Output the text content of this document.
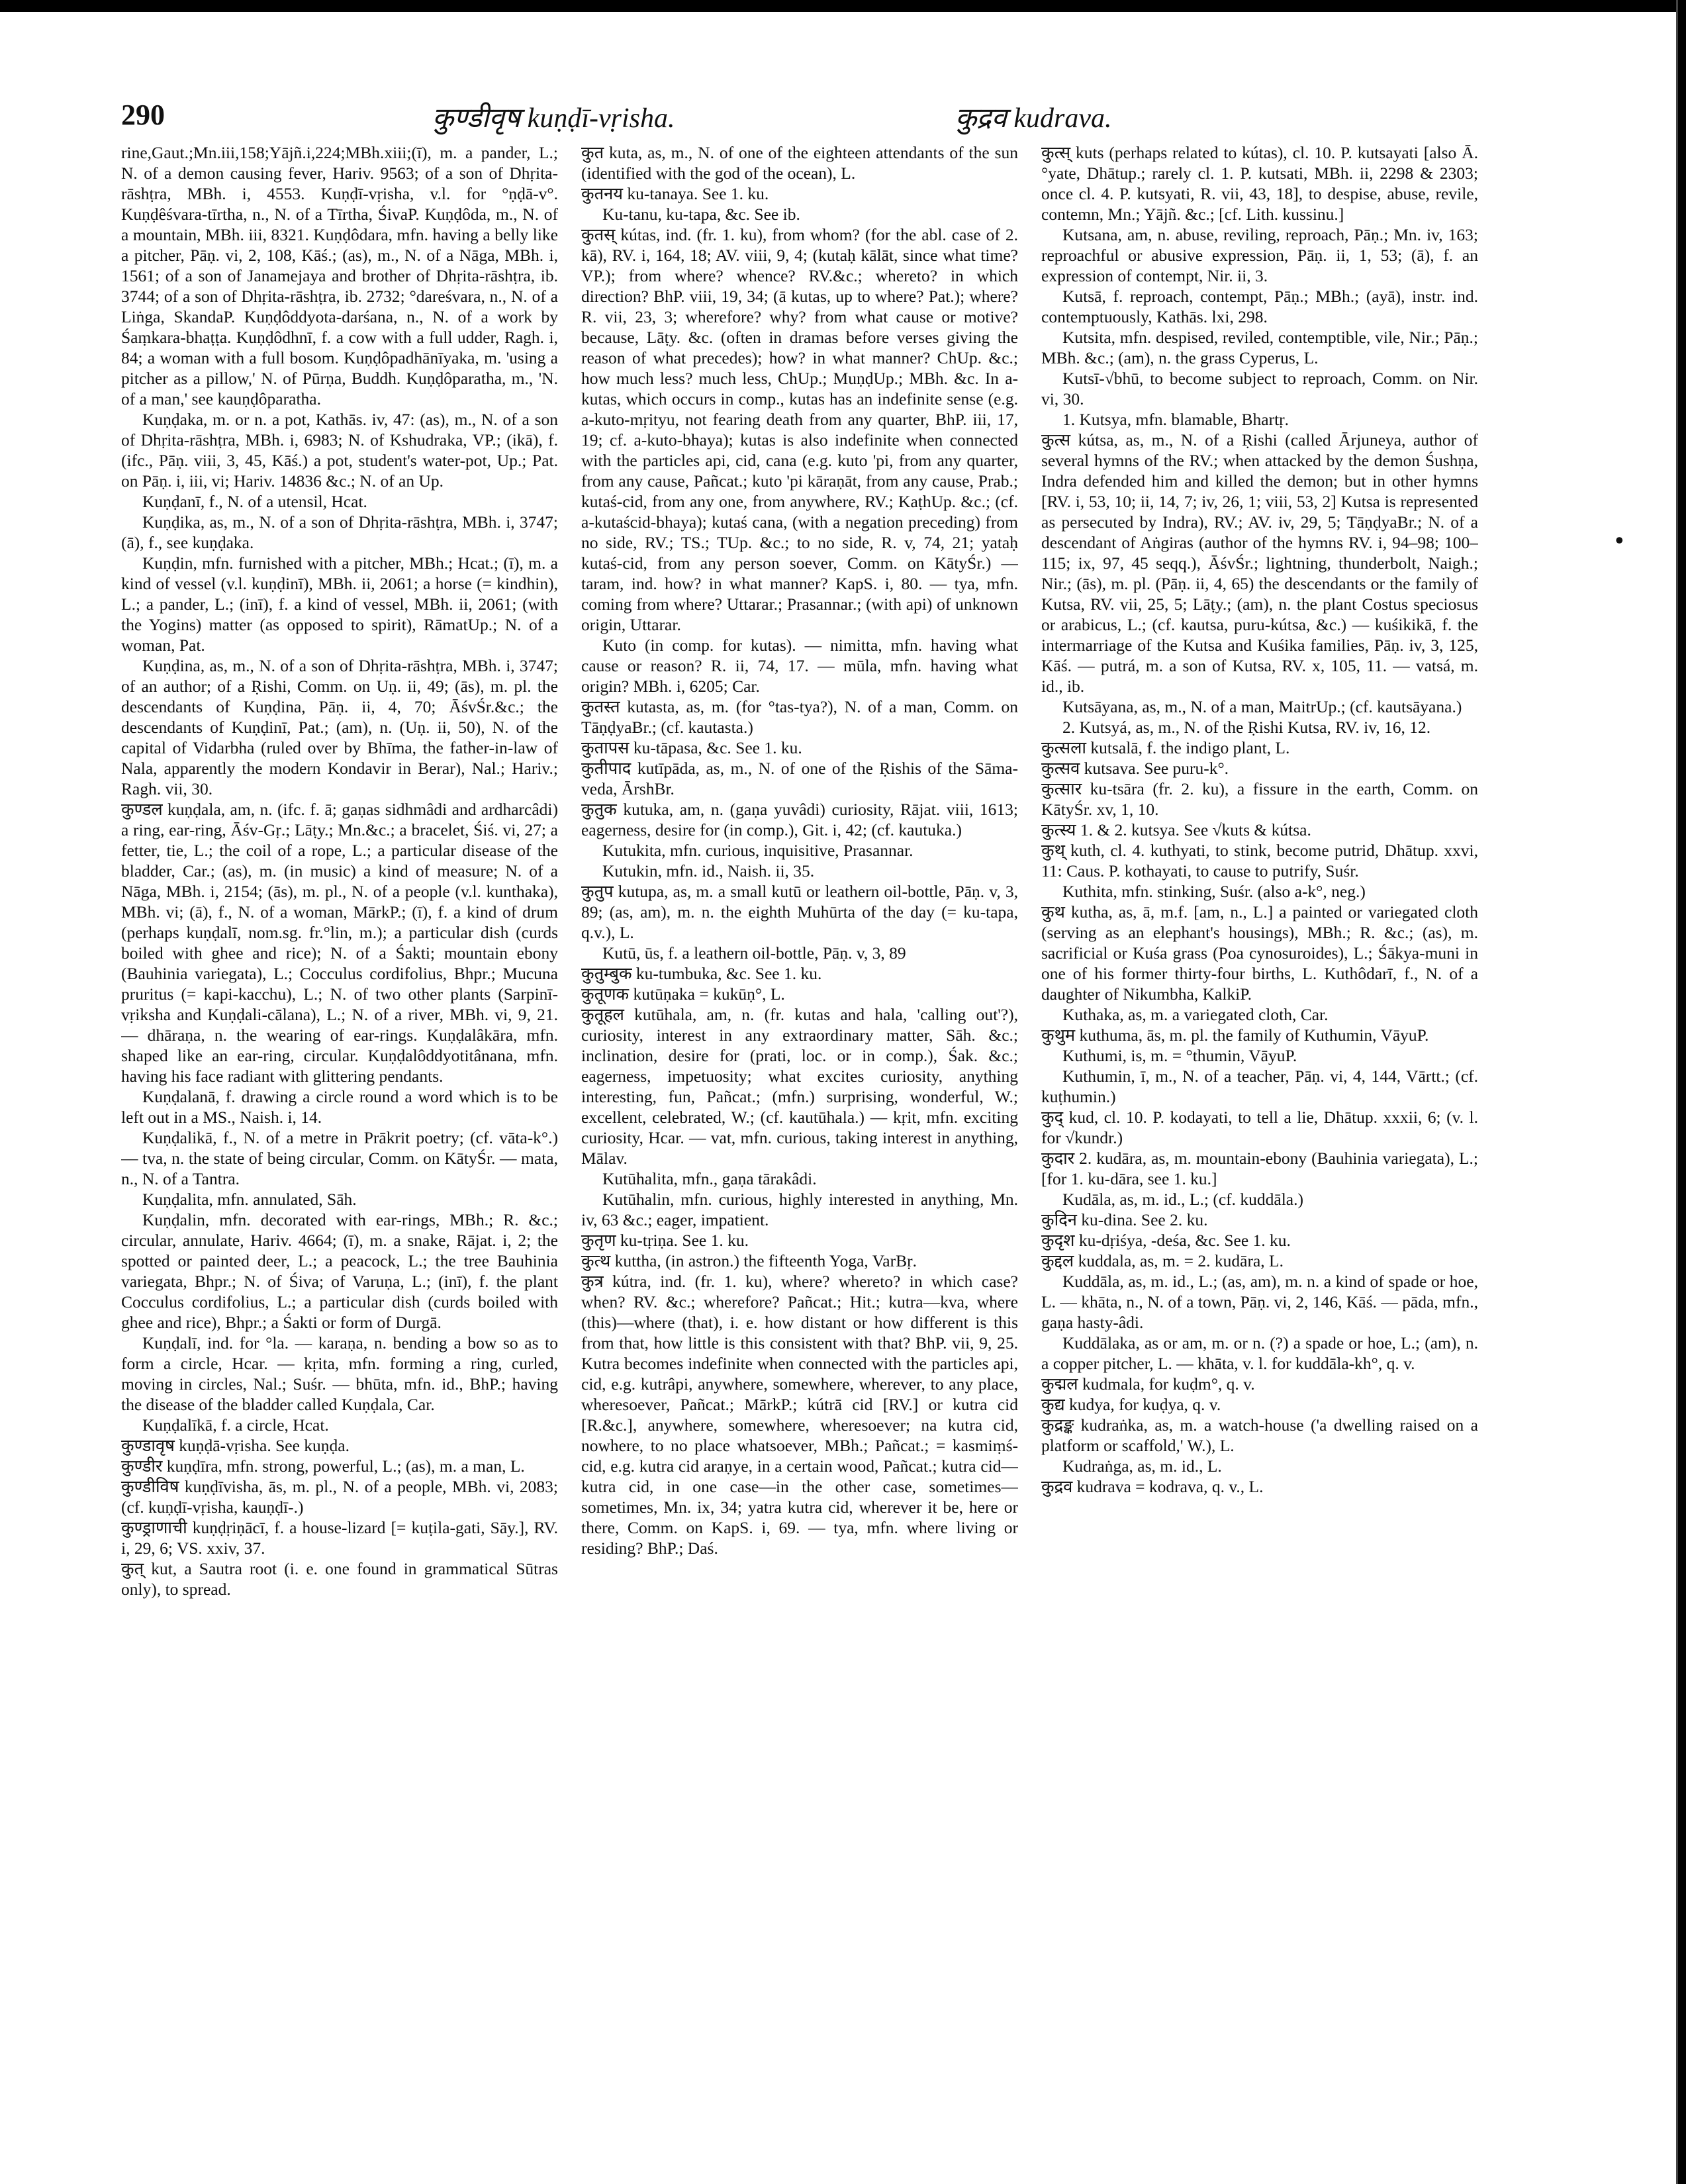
290	कुण्डीवृष kuṇḍī-vṛisha.	कुद्रव kudrava.

rine,Gaut.;Mn.iii,158;Yājñ.i,224;MBh.xiii;(ī), m. a pander, L.; N. of a demon causing fever, Hariv. 9563; of a son of Dhṛita-rāshṭra, MBh. i, 4553. Kuṇḍī-vṛisha, v.l. for °ṇḍā-v°. Kuṇḍêśvara-tīrtha, n., N. of a Tīrtha, ŚivaP. Kuṇḍôda, m., N. of a mountain, MBh. iii, 8321. Kuṇḍôdara, mfn. having a belly like a pitcher, Pāṇ. vi, 2, 108, Kāś.; (as), m., N. of a Nāga, MBh. i, 1561; of a son of Janamejaya and brother of Dhṛita-rāshṭra, ib. 3744; of a son of Dhṛita-rāshṭra, ib. 2732; °dareśvara, n., N. of a Liṅga, SkandaP. Kuṇḍôddyota-darśana, n., N. of a work by Śaṃkara-bhaṭṭa. Kuṇḍôdhnī, f. a cow with a full udder, Ragh. i, 84; a woman with a full bosom. Kuṇḍôpadhānīyaka, m. 'using a pitcher as a pillow,' N. of Pūrṇa, Buddh. Kuṇḍôparatha, m., 'N. of a man,' see kauṇḍôparatha.

Kuṇḍaka, m. or n. a pot, Kathās. iv, 47: (as), m., N. of a son of Dhṛita-rāshṭra, MBh. i, 6983; N. of Kshudraka, VP.; (ikā), f. (ifc., Pāṇ. viii, 3, 45, Kāś.) a pot, student's water-pot, Up.; Pat. on Pāṇ. i, iii, vi; Hariv. 14836 &c.; N. of an Up.

Kuṇḍanī, f., N. of a utensil, Hcat.

Kuṇḍika, as, m., N. of a son of Dhṛita-rāshṭra, MBh. i, 3747; (ā), f., see kuṇḍaka.

Kuṇḍin, mfn. furnished with a pitcher, MBh.; Hcat.; (ī), m. a kind of vessel (v.l. kuṇḍinī), MBh. ii, 2061; a horse (= kindhin), L.; a pander, L.; (inī), f. a kind of vessel, MBh. ii, 2061; (with the Yogins) matter (as opposed to spirit), RāmatUp.; N. of a woman, Pat.

Kuṇḍina, as, m., N. of a son of Dhṛita-rāshṭra, MBh. i, 3747; of an author; of a Ṛishi, Comm. on Uṇ. ii, 49; (ās), m. pl. the descendants of Kuṇḍina, Pāṇ. ii, 4, 70; ĀśvŚr.&c.; the descendants of Kuṇḍinī, Pat.; (am), n. (Uṇ. ii, 50), N. of the capital of Vidarbha (ruled over by Bhīma, the father-in-law of Nala, apparently the modern Kondavir in Berar), Nal.; Hariv.; Ragh. vii, 30.

कुण्डल kuṇḍala, am, n. (ifc. f. ā; gaṇas sidhmâdi and ardharcâdi) a ring, ear-ring, Āśv-Gṛ.; Lāṭy.; Mn.&c.; a bracelet, Śiś. vi, 27; a fetter, tie, L.; the coil of a rope, L.; a particular disease of the bladder, Car.; (as), m. (in music) a kind of measure; N. of a Nāga, MBh. i, 2154; (ās), m. pl., N. of a people (v.l. kunthaka), MBh. vi; (ā), f., N. of a woman, MārkP.; (ī), f. a kind of drum (perhaps kuṇḍalī, nom.sg. fr.°lin, m.); a particular dish (curds boiled with ghee and rice); N. of a Śakti; mountain ebony (Bauhinia variegata), L.; Cocculus cordifolius, Bhpr.; Mucuna pruritus (= kapi-kacchu), L.; N. of two other plants (Sarpinī-vṛiksha and Kuṇḍali-cālana), L.; N. of a river, MBh. vi, 9, 21. — dhāraṇa, n. the wearing of ear-rings. Kuṇḍalâkāra, mfn. shaped like an ear-ring, circular. Kuṇḍalôddyotitânana, mfn. having his face radiant with glittering pendants.

Kuṇḍalanā, f. drawing a circle round a word which is to be left out in a MS., Naish. i, 14.

Kuṇḍalikā, f., N. of a metre in Prākrit poetry; (cf. vāta-k°.) — tva, n. the state of being circular, Comm. on KātyŚr. — mata, n., N. of a Tantra.

Kuṇḍalita, mfn. annulated, Sāh.

Kuṇḍalin, mfn. decorated with ear-rings, MBh.; R. &c.; circular, annulate, Hariv. 4664; (ī), m. a snake, Rājat. i, 2; the spotted or painted deer, L.; a peacock, L.; the tree Bauhinia variegata, Bhpr.; N. of Śiva; of Varuṇa, L.; (inī), f. the plant Cocculus cordifolius, L.; a particular dish (curds boiled with ghee and rice), Bhpr.; a Śakti or form of Durgā.

Kuṇḍalī, ind. for °la. — karaṇa, n. bending a bow so as to form a circle, Hcar. — kṛita, mfn. forming a ring, curled, moving in circles, Nal.; Suśr. — bhūta, mfn. id., BhP.; having the disease of the bladder called Kuṇḍala, Car.

Kuṇḍalīkā, f. a circle, Hcat.

कुण्डावृष kuṇḍā-vṛisha. See kuṇḍa.

कुण्डीर kuṇḍīra, mfn. strong, powerful, L.; (as), m. a man, L.

कुण्डीविष kuṇḍīvisha, ās, m. pl., N. of a people, MBh. vi, 2083; (cf. kuṇḍī-vṛisha, kauṇḍī-.)

कुण्ड्राणाची kuṇḍṛiṇācī, f. a house-lizard [= kuṭila-gati, Sāy.], RV. i, 29, 6; VS. xxiv, 37.

कुत् kut, a Sautra root (i. e. one found in grammatical Sūtras only), to spread.

कुत kuta, as, m., N. of one of the eighteen attendants of the sun (identified with the god of the ocean), L.

कुतनय ku-tanaya. See 1. ku.

Ku-tanu, ku-tapa, &c. See ib.

कुतस् kútas, ind. (fr. 1. ku), from whom? (for the abl. case of 2. kā), RV. i, 164, 18; AV. viii, 9, 4; (kutaḥ kālāt, since what time? VP.); from where? whence? RV.&c.; whereto? in which direction? BhP. viii, 19, 34; (ā kutas, up to where? Pat.); where? R. vii, 23, 3; wherefore? why? from what cause or motive? because, Lāṭy. &c. (often in dramas before verses giving the reason of what precedes); how? in what manner? ChUp. &c.; how much less? much less, ChUp.; MuṇḍUp.; MBh. &c. In a-kutas, which occurs in comp., kutas has an indefinite sense (e.g. a-kuto-mṛityu, not fearing death from any quarter, BhP. iii, 17, 19; cf. a-kuto-bhaya); kutas is also indefinite when connected with the particles api, cid, cana (e.g. kuto 'pi, from any quarter, from any cause, Pañcat.; kuto 'pi kāraṇāt, from any cause, Prab.; kutaś-cid, from any one, from anywhere, RV.; KaṭhUp. &c.; (cf. a-kutaścid-bhaya); kutaś cana, (with a negation preceding) from no side, RV.; TS.; TUp. &c.; to no side, R. v, 74, 21; yataḥ kutaś-cid, from any person soever, Comm. on KātyŚr.) — taram, ind. how? in what manner? KapS. i, 80. — tya, mfn. coming from where? Uttarar.; Prasannar.; (with api) of unknown origin, Uttarar.

Kuto (in comp. for kutas). — nimitta, mfn. having what cause or reason? R. ii, 74, 17. — mūla, mfn. having what origin? MBh. i, 6205; Car.

कुतस्त kutasta, as, m. (for °tas-tya?), N. of a man, Comm. on TāṇḍyaBr.; (cf. kautasta.)

कुतापस ku-tāpasa, &c. See 1. ku.

कुतीपाद kutīpāda, as, m., N. of one of the Ṛishis of the Sāma-veda, ĀrshBr.

कुतुक kutuka, am, n. (gaṇa yuvâdi) curiosity, Rājat. viii, 1613; eagerness, desire for (in comp.), Git. i, 42; (cf. kautuka.)

Kutukita, mfn. curious, inquisitive, Prasannar.

Kutukin, mfn. id., Naish. ii, 35.

कुतुप kutupa, as, m. a small kutū or leathern oil-bottle, Pāṇ. v, 3, 89; (as, am), m. n. the eighth Muhūrta of the day (= ku-tapa, q.v.), L.

Kutū, ūs, f. a leathern oil-bottle, Pāṇ. v, 3, 89

कुतुम्बुक ku-tumbuka, &c. See 1. ku.

कुतूणक kutūṇaka = kukūṇ°, L.

कुतूहल kutūhala, am, n. (fr. kutas and hala, 'calling out'?), curiosity, interest in any extraordinary matter, Sāh. &c.; inclination, desire for (prati, loc. or in comp.), Śak. &c.; eagerness, impetuosity; what excites curiosity, anything interesting, fun, Pañcat.; (mfn.) surprising, wonderful, W.; excellent, celebrated, W.; (cf. kautūhala.) — kṛit, mfn. exciting curiosity, Hcar. — vat, mfn. curious, taking interest in anything, Mālav.

Kutūhalita, mfn., gaṇa tārakâdi.

Kutūhalin, mfn. curious, highly interested in anything, Mn. iv, 63 &c.; eager, impatient.

कुतृण ku-tṛiṇa. See 1. ku.

कुत्थ kuttha, (in astron.) the fifteenth Yoga, VarBṛ.

कुत्र kútra, ind. (fr. 1. ku), where? whereto? in which case? when? RV. &c.; wherefore? Pañcat.; Hit.; kutra—kva, where (this)—where (that), i. e. how distant or how different is this from that, how little is this consistent with that? BhP. vii, 9, 25. Kutra becomes indefinite when connected with the particles api, cid, e.g. kutrâpi, anywhere, somewhere, wherever, to any place, wheresoever, Pañcat.; MārkP.; kútrā cid [RV.] or kutra cid [R.&c.], anywhere, somewhere, wheresoever; na kutra cid, nowhere, to no place whatsoever, MBh.; Pañcat.; = kasmiṃś-cid, e.g. kutra cid araṇye, in a certain wood, Pañcat.; kutra cid—kutra cid, in one case—in the other case, sometimes—sometimes, Mn. ix, 34; yatra kutra cid, wherever it be, here or there, Comm. on KapS. i, 69. — tya, mfn. where living or residing? BhP.; Daś.

कुत्स् kuts (perhaps related to kútas), cl. 10. P. kutsayati [also Ā. °yate, Dhātup.; rarely cl. 1. P. kutsati, MBh. ii, 2298 & 2303; once cl. 4. P. kutsyati, R. vii, 43, 18], to despise, abuse, revile, contemn, Mn.; Yājñ. &c.; [cf. Lith. kussinu.]

Kutsana, am, n. abuse, reviling, reproach, Pāṇ.; Mn. iv, 163; reproachful or abusive expression, Pāṇ. ii, 1, 53; (ā), f. an expression of contempt, Nir. ii, 3.

Kutsā, f. reproach, contempt, Pāṇ.; MBh.; (ayā), instr. ind. contemptuously, Kathās. lxi, 298.

Kutsita, mfn. despised, reviled, contemptible, vile, Nir.; Pāṇ.; MBh. &c.; (am), n. the grass Cyperus, L.

Kutsī-√bhū, to become subject to reproach, Comm. on Nir. vi, 30.

1. Kutsya, mfn. blamable, Bhartṛ.

कुत्स kútsa, as, m., N. of a Ṛishi (called Ārjuneya, author of several hymns of the RV.; when attacked by the demon Śushṇa, Indra defended him and killed the demon; but in other hymns [RV. i, 53, 10; ii, 14, 7; iv, 26, 1; viii, 53, 2] Kutsa is represented as persecuted by Indra), RV.; AV. iv, 29, 5; TāṇḍyaBr.; N. of a descendant of Aṅgiras (author of the hymns RV. i, 94–98; 100–115; ix, 97, 45 seqq.), ĀśvŚr.; lightning, thunderbolt, Naigh.; Nir.; (ās), m. pl. (Pāṇ. ii, 4, 65) the descendants or the family of Kutsa, RV. vii, 25, 5; Lāṭy.; (am), n. the plant Costus speciosus or arabicus, L.; (cf. kautsa, puru-kútsa, &c.) — kuśikikā, f. the intermarriage of the Kutsa and Kuśika families, Pāṇ. iv, 3, 125, Kāś. — putrá, m. a son of Kutsa, RV. x, 105, 11. — vatsá, m. id., ib.

Kutsāyana, as, m., N. of a man, MaitrUp.; (cf. kautsāyana.)

2. Kutsyá, as, m., N. of the Ṛishi Kutsa, RV. iv, 16, 12.

कुत्सला kutsalā, f. the indigo plant, L.

कुत्सव kutsava. See puru-k°.

कुत्सार ku-tsāra (fr. 2. ku), a fissure in the earth, Comm. on KātyŚr. xv, 1, 10.

कुत्स्य 1. & 2. kutsya. See √kuts & kútsa.

कुथ् kuth, cl. 4. kuthyati, to stink, become putrid, Dhātup. xxvi, 11: Caus. P. kothayati, to cause to putrify, Suśr.

Kuthita, mfn. stinking, Suśr. (also a-k°, neg.)

कुथ kutha, as, ā, m.f. [am, n., L.] a painted or variegated cloth (serving as an elephant's housings), MBh.; R. &c.; (as), m. sacrificial or Kuśa grass (Poa cynosuroides), L.; Śākya-muni in one of his former thirty-four births, L. Kuthôdarī, f., N. of a daughter of Nikumbha, KalkiP.

Kuthaka, as, m. a variegated cloth, Car.

कुथुम kuthuma, ās, m. pl. the family of Kuthumin, VāyuP.

Kuthumi, is, m. = °thumin, VāyuP.

Kuthumin, ī, m., N. of a teacher, Pāṇ. vi, 4, 144, Vārtt.; (cf. kuṭhumin.)

कुद् kud, cl. 10. P. kodayati, to tell a lie, Dhātup. xxxii, 6; (v. l. for √kundr.)

कुदार 2. kudāra, as, m. mountain-ebony (Bauhinia variegata), L.; [for 1. ku-dāra, see 1. ku.]

Kudāla, as, m. id., L.; (cf. kuddāla.)

कुदिन ku-dina. See 2. ku.

कुदृश ku-dṛiśya, -deśa, &c. See 1. ku.

कुद्दल kuddala, as, m. = 2. kudāra, L.

Kuddāla, as, m. id., L.; (as, am), m. n. a kind of spade or hoe, L. — khāta, n., N. of a town, Pāṇ. vi, 2, 146, Kāś. — pāda, mfn., gaṇa hasty-âdi.

Kuddālaka, as or am, m. or n. (?) a spade or hoe, L.; (am), n. a copper pitcher, L. — khāta, v. l. for kuddāla-kh°, q. v.

कुद्मल kudmala, for kuḍm°, q. v.

कुद्य kudya, for kuḍya, q. v.

कुद्रङ्क kudraṅka, as, m. a watch-house ('a dwelling raised on a platform or scaffold,' W.), L.

Kudraṅga, as, m. id., L.

कुद्रव kudrava = kodrava, q. v., L.

•
